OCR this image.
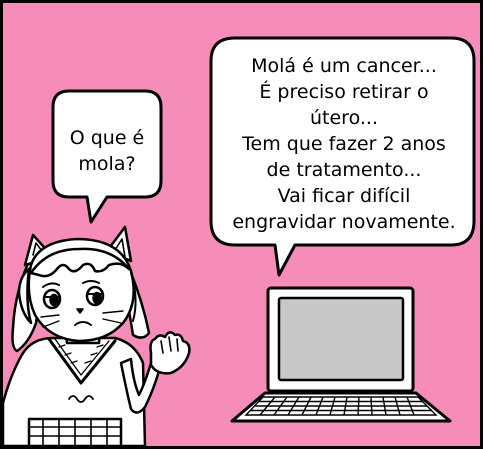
O que é
mola?
Molá é um cancer...
É preciso retirar o
útero...
Tem que fazer 2 anos
de tratamento...
Vai ficar difícil
engravidar novamente.
